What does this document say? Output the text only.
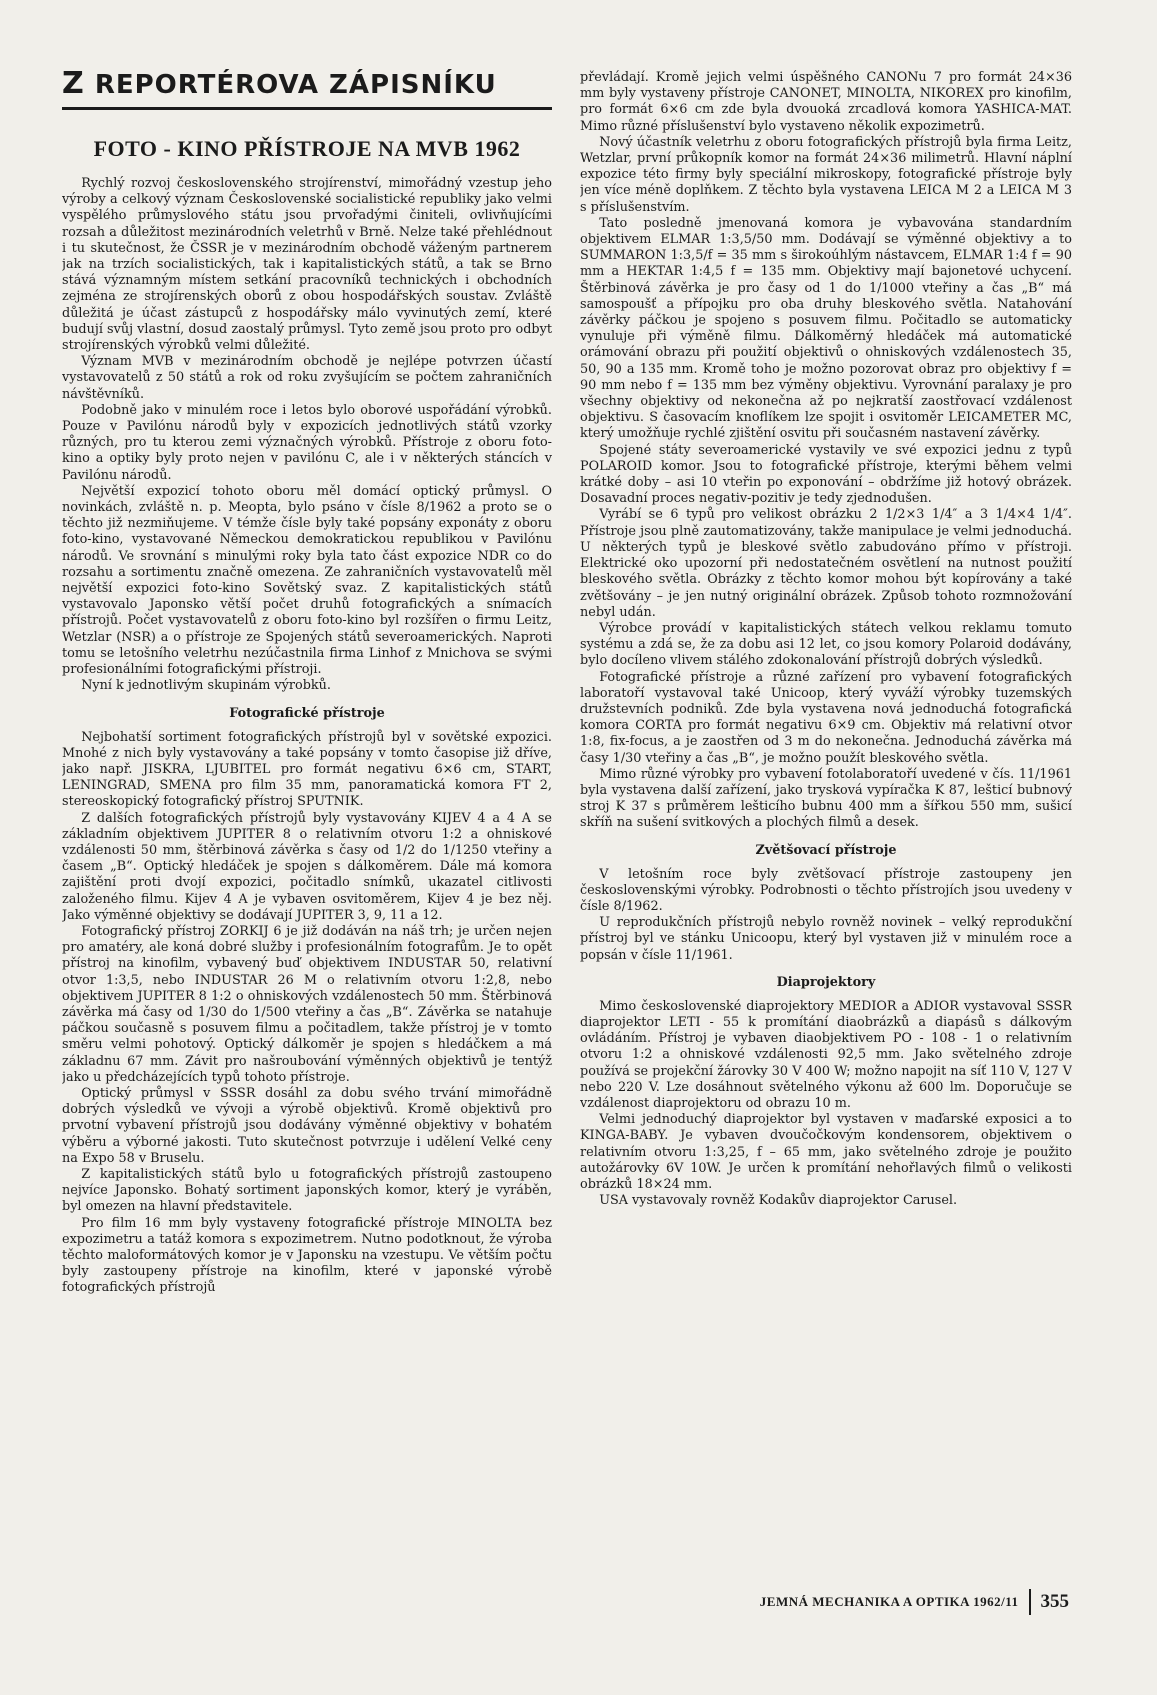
Z REPORTÉROVA ZÁPISNÍKU
FOTO - KINO PŘÍSTROJE NA MVB 1962

Rychlý rozvoj československého strojírenství, mimořádný vzestup jeho výroby a celkový význam Československé socialistické republiky jako velmi vyspělého průmyslového státu jsou prvořadými činiteli, ovlivňujícími rozsah a důležitost mezinárodních veletrhů v Brně. Nelze také přehlédnout i tu skutečnost, že ČSSR je v mezinárodním obchodě váženým partnerem jak na trzích socialistických, tak i kapitalistických států, a tak se Brno stává významným místem setkání pracovníků technických i obchodních zejména ze strojírenských oborů z obou hospodářských soustav. Zvláště důležitá je účast zástupců z hospodářsky málo vyvinutých zemí, které budují svůj vlastní, dosud zaostalý průmysl. Tyto země jsou proto pro odbyt strojírenských výrobků velmi důležité.

Význam MVB v mezinárodním obchodě je nejlépe potvrzen účastí vystavovatelů z 50 států a rok od roku zvyšujícím se počtem zahraničních návštěvníků.

Podobně jako v minulém roce i letos bylo oborové uspořádání výrobků. Pouze v Pavilónu národů byly v expozicích jednotlivých států vzorky různých, pro tu kterou zemi význačných výrobků. Přístroje z oboru foto-kino a optiky byly proto nejen v pavilónu C, ale i v některých stáncích v Pavilónu národů.

Největší expozicí tohoto oboru měl domácí optický průmysl. O novinkách, zvláště n. p. Meopta, bylo psáno v čísle 8/1962 a proto se o těchto již nezmiňujeme. V témže čísle byly také popsány exponáty z oboru foto-kino, vystavované Německou demokratickou republikou v Pavilónu národů. Ve srovnání s minulými roky byla tato část expozice NDR co do rozsahu a sortimentu značně omezena. Ze zahraničních vystavovatelů měl největší expozici foto-kino Sovětský svaz. Z kapitalistických států vystavovalo Japonsko větší počet druhů fotografických a snímacích přístrojů. Počet vystavovatelů z oboru foto-kino byl rozšířen o firmu Leitz, Wetzlar (NSR) a o přístroje ze Spojených států severoamerických. Naproti tomu se letošního veletrhu nezúčastnila firma Linhof z Mnichova se svými profesionálními fotografickými přístroji.

Nyní k jednotlivým skupinám výrobků.

Fotografické přístroje

Nejbohatší sortiment fotografických přístrojů byl v sovětské expozici. Mnohé z nich byly vystavovány a také popsány v tomto časopise již dříve, jako např. JISKRA, LJUBITEL pro formát negativu 6×6 cm, START, LENINGRAD, SMENA pro film 35 mm, panoramatická komora FT 2, stereoskopický fotografický přístroj SPUTNIK.

Z dalších fotografických přístrojů byly vystavovány KIJEV 4 a 4 A se základním objektivem JUPITER 8 o relativním otvoru 1:2 a ohniskové vzdálenosti 50 mm, štěrbinová závěrka s časy od 1/2 do 1/1250 vteřiny a časem „B“. Optický hledáček je spojen s dálkoměrem. Dále má komora zajištění proti dvojí expozici, počitadlo snímků, ukazatel citlivosti založeného filmu. Kijev 4 A je vybaven osvitoměrem, Kijev 4 je bez něj. Jako výměnné objektivy se dodávají JUPITER 3, 9, 11 a 12.

Fotografický přístroj ZORKIJ 6 je již dodáván na náš trh; je určen nejen pro amatéry, ale koná dobré služby i profesionálním fotografům. Je to opět přístroj na kinofilm, vybavený buď objektivem INDUSTAR 50, relativní otvor 1:3,5, nebo INDUSTAR 26 M o relativním otvoru 1:2,8, nebo objektivem JUPITER 8 1:2 o ohniskových vzdálenostech 50 mm. Štěrbinová závěrka má časy od 1/30 do 1/500 vteřiny a čas „B“. Závěrka se natahuje páčkou současně s posuvem filmu a počitadlem, takže přístroj je v tomto směru velmi pohotový. Optický dálkoměr je spojen s hledáčkem a má základnu 67 mm. Závit pro našroubování výměnných objektivů je tentýž jako u předcházejících typů tohoto přístroje.

Optický průmysl v SSSR dosáhl za dobu svého trvání mimořádně dobrých výsledků ve vývoji a výrobě objektivů. Kromě objektivů pro prvotní vybavení přístrojů jsou dodávány výměnné objektivy v bohatém výběru a výborné jakosti. Tuto skutečnost potvrzuje i udělení Velké ceny na Expo 58 v Bruselu.

Z kapitalistických států bylo u fotografických přístrojů zastoupeno nejvíce Japonsko. Bohatý sortiment japonských komor, který je vyráběn, byl omezen na hlavní představitele.

Pro film 16 mm byly vystaveny fotografické přístroje MINOLTA bez expozimetru a tatáž komora s expozimetrem. Nutno podotknout, že výroba těchto maloformátových komor je v Japonsku na vzestupu. Ve větším počtu byly zastoupeny přístroje na kinofilm, které v japonské výrobě fotografických přístrojů

převládají. Kromě jejich velmi úspěšného CANONu 7 pro formát 24×36 mm byly vystaveny přístroje CANONET, MINOLTA, NIKOREX pro kinofilm, pro formát 6×6 cm zde byla dvouoká zrcadlová komora YASHICA-MAT. Mimo různé příslušenství bylo vystaveno několik expozimetrů.

Nový účastník veletrhu z oboru fotografických přístrojů byla firma Leitz, Wetzlar, první průkopník komor na formát 24×36 milimetrů. Hlavní náplní expozice této firmy byly speciální mikroskopy, fotografické přístroje byly jen více méně doplňkem. Z těchto byla vystavena LEICA M 2 a LEICA M 3 s příslušenstvím.

Tato posledně jmenovaná komora je vybavována standardním objektivem ELMAR 1:3,5/50 mm. Dodávají se výměnné objektivy a to SUMMARON 1:3,5/f = 35 mm s širokoúhlým nástavcem, ELMAR 1:4 f = 90 mm a HEKTAR 1:4,5 f = 135 mm. Objektivy mají bajonetové uchycení. Štěrbinová závěrka je pro časy od 1 do 1/1000 vteřiny a čas „B“ má samospoušť a přípojku pro oba druhy bleskového světla. Natahování závěrky páčkou je spojeno s posuvem filmu. Počitadlo se automaticky vynuluje při výměně filmu. Dálkoměrný hledáček má automatické orámování obrazu při použití objektivů o ohniskových vzdálenostech 35, 50, 90 a 135 mm. Kromě toho je možno pozorovat obraz pro objektivy f = 90 mm nebo f = 135 mm bez výměny objektivu. Vyrovnání paralaxy je pro všechny objektivy od nekonečna až po nejkratší zaostřovací vzdálenost objektivu. S časovacím knoflíkem lze spojit i osvitoměr LEICAMETER MC, který umožňuje rychlé zjištění osvitu při současném nastavení závěrky.

Spojené státy severoamerické vystavily ve své expozici jednu z typů POLAROID komor. Jsou to fotografické přístroje, kterými během velmi krátké doby – asi 10 vteřin po exponování – obdržíme již hotový obrázek. Dosavadní proces negativ-pozitiv je tedy zjednodušen.

Vyrábí se 6 typů pro velikost obrázku 2 1/2×3 1/4″ a 3 1/4×4 1/4″. Přístroje jsou plně zautomatizovány, takže manipulace je velmi jednoduchá. U některých typů je bleskové světlo zabudováno přímo v přístroji. Elektrické oko upozorní při nedostatečném osvětlení na nutnost použití bleskového světla. Obrázky z těchto komor mohou být kopírovány a také zvětšovány – je jen nutný originální obrázek. Způsob tohoto rozmnožování nebyl udán.

Výrobce provádí v kapitalistických státech velkou reklamu tomuto systému a zdá se, že za dobu asi 12 let, co jsou komory Polaroid dodávány, bylo docíleno vlivem stálého zdokonalování přístrojů dobrých výsledků.

Fotografické přístroje a různé zařízení pro vybavení fotografických laboratoří vystavoval také Unicoop, který vyváží výrobky tuzemských družstevních podniků. Zde byla vystavena nová jednoduchá fotografická komora CORTA pro formát negativu 6×9 cm. Objektiv má relativní otvor 1:8, fix-focus, a je zaostřen od 3 m do nekonečna. Jednoduchá závěrka má časy 1/30 vteřiny a čas „B“, je možno použít bleskového světla.

Mimo různé výrobky pro vybavení fotolaboratoří uvedené v čís. 11/1961 byla vystavena další zařízení, jako trysková vypíračka K 87, lešticí bubnový stroj K 37 s průměrem lešticího bubnu 400 mm a šířkou 550 mm, sušicí skříň na sušení svitkových a plochých filmů a desek.

Zvětšovací přístroje

V letošním roce byly zvětšovací přístroje zastoupeny jen československými výrobky. Podrobnosti o těchto přístrojích jsou uvedeny v čísle 8/1962.

U reprodukčních přístrojů nebylo rovněž novinek – velký reprodukční přístroj byl ve stánku Unicoopu, který byl vystaven již v minulém roce a popsán v čísle 11/1961.

Diaprojektory

Mimo československé diaprojektory MEDIOR a ADIOR vystavoval SSSR diaprojektor LETI - 55 k promítání diaobrázků a diapásů s dálkovým ovládáním. Přístroj je vybaven diaobjektivem PO - 108 - 1 o relativním otvoru 1:2 a ohniskové vzdálenosti 92,5 mm. Jako světelného zdroje používá se projekční žárovky 30 V 400 W; možno napojit na síť 110 V, 127 V nebo 220 V. Lze dosáhnout světelného výkonu až 600 lm. Doporučuje se vzdálenost diaprojektoru od obrazu 10 m.

Velmi jednoduchý diaprojektor byl vystaven v maďarské exposici a to KINGA-BABY. Je vybaven dvoučočkovým kondensorem, objektivem o relativním otvoru 1:3,25, f – 65 mm, jako světelného zdroje je použito autožárovky 6V 10W. Je určen k promítání nehořlavých filmů o velikosti obrázků 18×24 mm.

USA vystavovaly rovněž Kodakův diaprojektor Carusel.

JEMNÁ MECHANIKA A OPTIKA 1962/11 355
